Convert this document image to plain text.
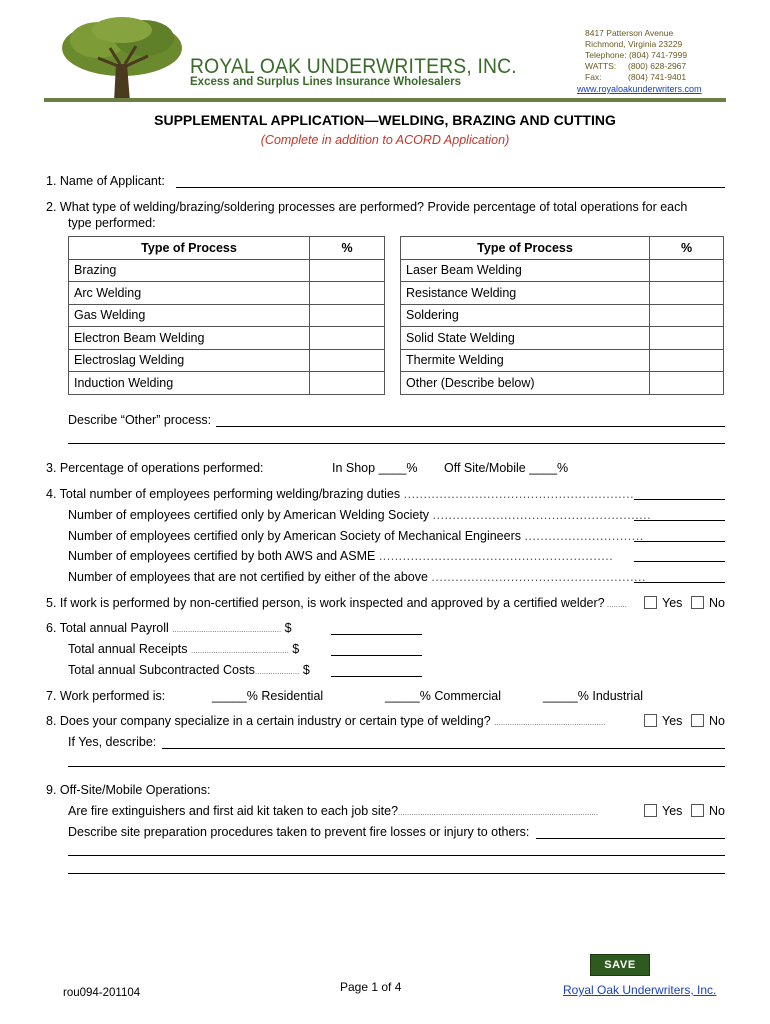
ROYAL OAK UNDERWRITERS, INC.
Excess and Surplus Lines Insurance Wholesalers
8417 Patterson Avenue
Richmond, Virginia 23229
Telephone: (804) 741-7999
WATTS: (800) 628-2967
Fax:	(804) 741-9401
www.royaloakunderwriters.com
SUPPLEMENTAL APPLICATION—WELDING, BRAZING AND CUTTING
(Complete in addition to ACORD Application)
1. Name of Applicant:
2. What type of welding/brazing/soldering processes are performed? Provide percentage of total operations for each
type performed:
Type of Process	%
Brazing	
Arc Welding	
Gas Welding	
Electron Beam Welding	
Electroslag Welding	
Induction Welding	
Type of Process	%
Laser Beam Welding	
Resistance Welding	
Soldering	
Solid State Welding	
Thermite Welding	
Other (Describe below)	
Describe “Other” process:
3. Percentage of operations performed:	In Shop ____% Off Site/Mobile ____%
4. Total number of employees performing welding/brazing duties ..........................................................
Number of employees certified only by American Welding Society .......................................................
Number of employees certified only by American Society of Mechanical Engineers ..............................
Number of employees certified by both AWS and ASME ...........................................................
Number of employees that are not certified by either of the above ......................................................
5. If work is performed by non-certified person, is work inspected and approved by a certified welder? .........	Yes No
6. Total annual Payroll ................................................. $
Total annual Receipts ............................................ $
Total annual Subcontracted Costs.................... $
7. Work performed is:	_____% Residential	_____% Commercial	_____% Industrial
8. Does your company specialize in a certain industry or certain type of welding? ..................................................	Yes No
If Yes, describe:
9. Off-Site/Mobile Operations:
Are fire extinguishers and first aid kit taken to each job site?..........................................................................................	Yes No
Describe site preparation procedures taken to prevent fire losses or injury to others:
SAVE
rou094-201104	Page 1 of 4	Royal Oak Underwriters, Inc.
